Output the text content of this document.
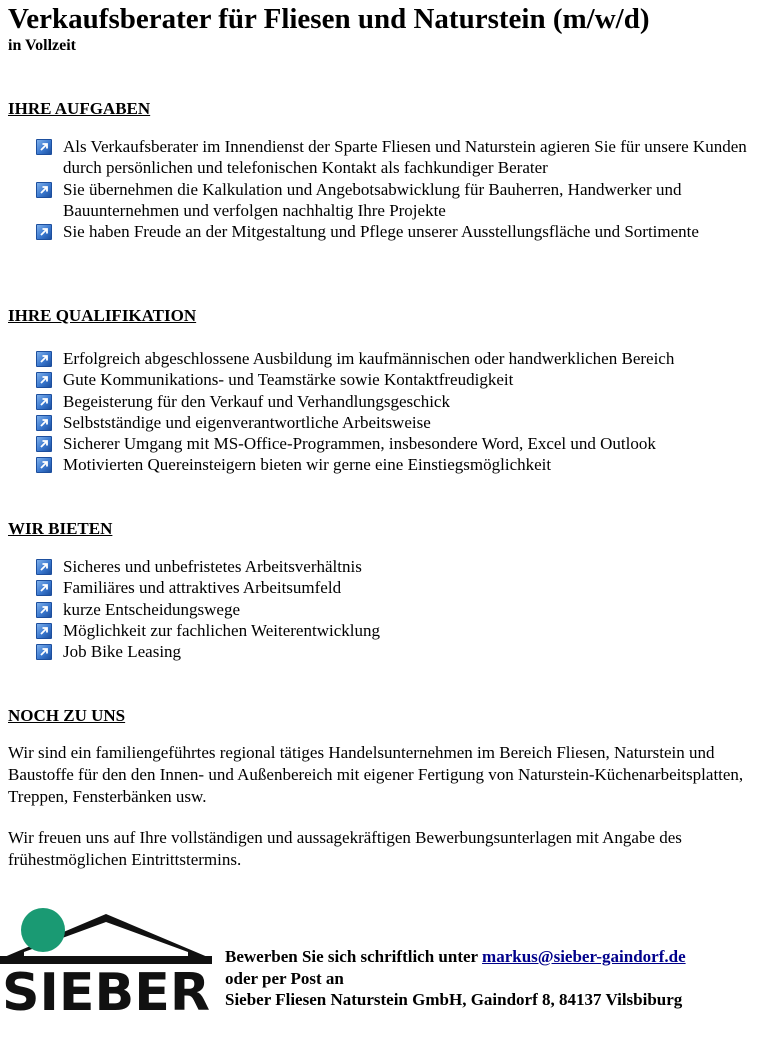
Verkaufsberater für Fliesen und Naturstein (m/w/d)
in Vollzeit
IHRE AUFGABEN
Als Verkaufsberater im Innendienst der Sparte Fliesen und Naturstein agieren Sie für unsere Kunden durch persönlichen und telefonischen Kontakt als fachkundiger Berater
Sie übernehmen die Kalkulation und Angebotsabwicklung für Bauherren, Handwerker und Bauunternehmen und verfolgen nachhaltig Ihre Projekte
Sie haben Freude an der Mitgestaltung und Pflege unserer Ausstellungsfläche und Sortimente
IHRE QUALIFIKATION
Erfolgreich abgeschlossene Ausbildung im kaufmännischen oder handwerklichen Bereich
Gute Kommunikations- und Teamstärke sowie Kontaktfreudigkeit
Begeisterung für den Verkauf und Verhandlungsgeschick
Selbstständige und eigenverantwortliche Arbeitsweise
Sicherer Umgang mit MS-Office-Programmen, insbesondere Word, Excel und Outlook
Motivierten Quereinsteigern bieten wir gerne eine Einstiegsmöglichkeit
WIR BIETEN
Sicheres und unbefristetes Arbeitsverhältnis
Familiäres und attraktives Arbeitsumfeld
kurze Entscheidungswege
Möglichkeit zur fachlichen Weiterentwicklung
Job Bike Leasing
NOCH ZU UNS

Wir sind ein familiengeführtes regional tätiges Handelsunternehmen im Bereich Fliesen, Naturstein und Baustoffe für den den Innen- und Außenbereich mit eigener Fertigung von Naturstein-Küchenarbeitsplatten, Treppen, Fensterbänken usw.

Wir freuen uns auf Ihre vollständigen und aussagekräftigen Bewerbungsunterlagen mit Angabe des frühestmöglichen Eintrittstermins.

SIEBER
Bewerben Sie sich schriftlich unter markus@sieber-gaindorf.de
oder per Post an
Sieber Fliesen Naturstein GmbH, Gaindorf 8, 84137 Vilsbiburg
